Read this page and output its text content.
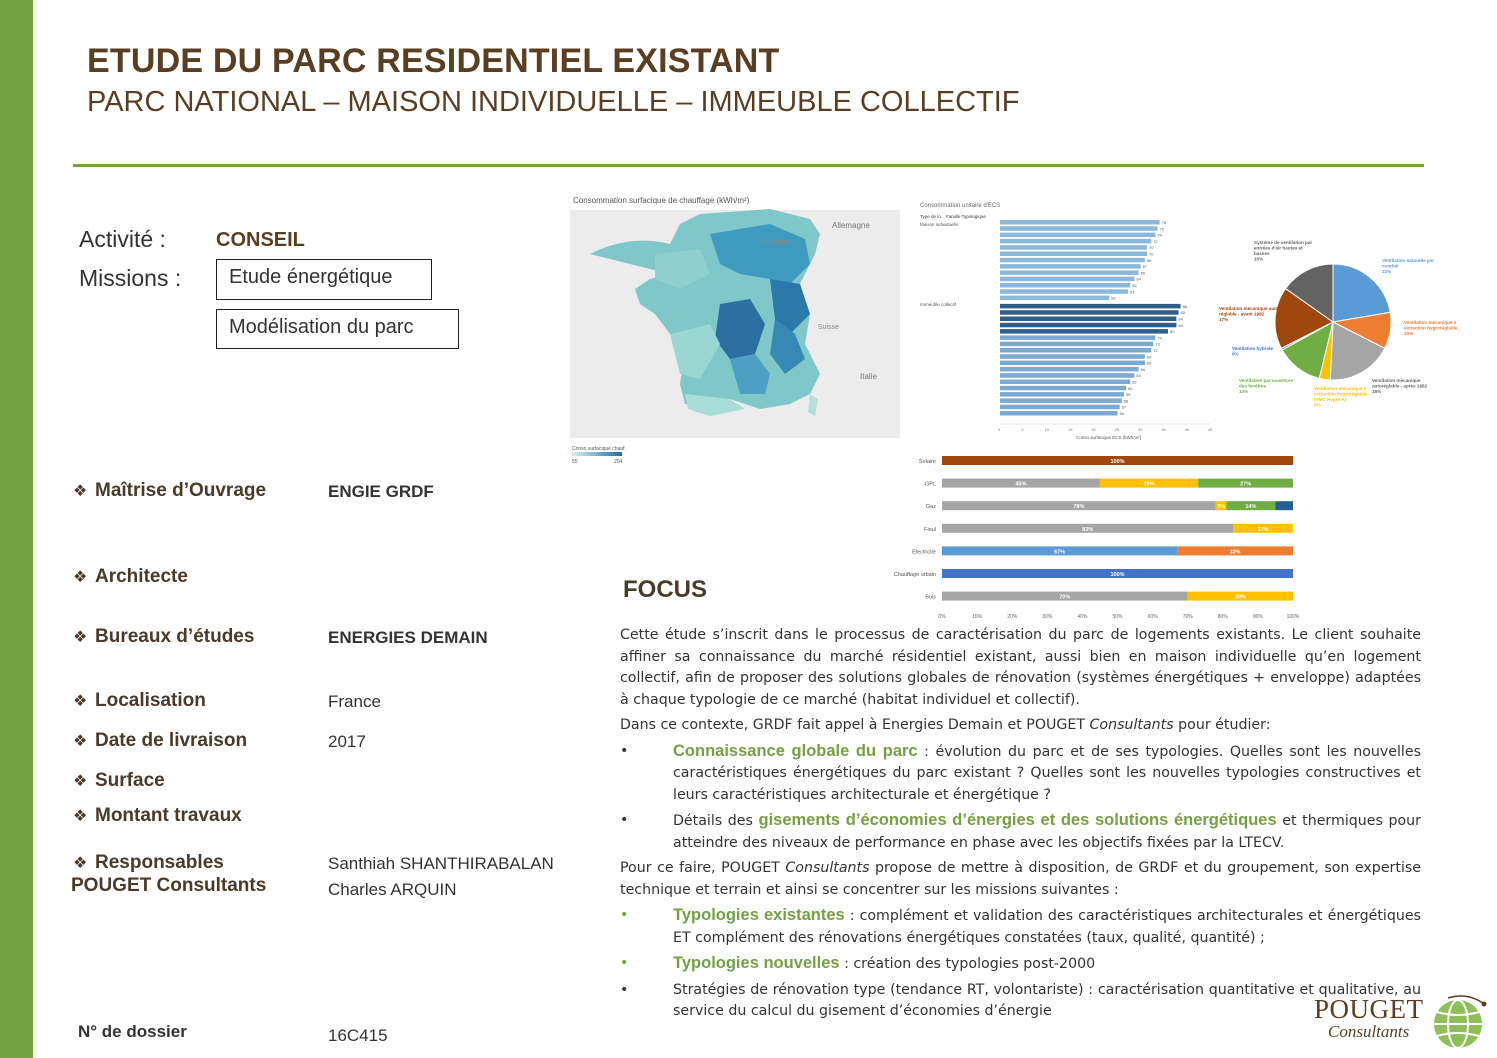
ETUDE DU PARC RESIDENTIEL EXISTANT
PARC NATIONAL – MAISON INDIVIDUELLE – IMMEUBLE COLLECTIF
Activité :	CONSEIL
Missions :	Etude énergétique
Modélisation du parc
❖ Maîtrise d’Ouvrage	ENGIE GRDF
❖ Architecte
❖ Bureaux d’études	ENERGIES DEMAIN
❖ Localisation	France
❖ Date de livraison	2017
❖ Surface
❖ Montant travaux
❖ Responsables
POUGET Consultants
Santhiah SHANTHIRABALAN
Charles ARQUIN
Consommation surfacique de chauffage (kWh/m²)
Allemagne
Belgique
Suisse
Italie
Conso surfacique chauf.
55	204
Consommation unitaire d'ECS
Type de lo.. Famille Typologique
Maison individuelle
Immeuble collectif
76
75
74
72
70
70
69
67
66
64
62
61
52
86
85
84
84
80
74
73
72
69
69
66
64
62
60
59
58
57
56
0	5	10	15	20	25	30	35	40	45
Conso surfacique ECS (kWh/m²)
Ventilation naturelle par conduit 22%
Ventilation mécanique à extraction hygroréglable 10%
Ventilation mécanique autoréglable - après 1982 18%
Ventilation mécanique à extraction hygroréglable (VMC Hygro A) 3%
Ventilation par ouverture des fenêtres 13%
Ventilation hybride 0%
Ventilation mécanique auto réglable - avant 1982 17%
Système de ventilation par entrées d'air hautes et basses 15%
Solaire	100%
GPL	45%	28%	27%
Gaz	78%	3%	14%
Fioul	83%	17%
Electricité	67%	33%
Chauffage urbain	100%
Bois	70%	30%
0%	10%	20%	30%	40%	50%	60%	70%	80%	90%	100%
FOCUS

Cette étude s’inscrit dans le processus de caractérisation du parc de logements existants. Le client souhaite affiner sa connaissance du marché résidentiel existant, aussi bien en maison individuelle qu’en logement collectif, afin de proposer des solutions globales de rénovation (systèmes énergétiques + enveloppe) adaptées à chaque typologie de ce marché (habitat individuel et collectif).

Dans ce contexte, GRDF fait appel à Energies Demain et POUGET Consultants pour étudier:

•	Connaissance globale du parc : évolution du parc et de ses typologies. Quelles sont les nouvelles caractéristiques énergétiques du parc existant ? Quelles sont les nouvelles typologies constructives et leurs caractéristiques architecturale et énergétique ?
•	Détails des gisements d’économies d’énergies et des solutions énergétiques et thermiques pour atteindre des niveaux de performance en phase avec les objectifs fixées par la LTECV.

Pour ce faire, POUGET Consultants propose de mettre à disposition, de GRDF et du groupement, son expertise technique et terrain et ainsi se concentrer sur les missions suivantes :

•	Typologies existantes : complément et validation des caractéristiques architecturales et énergétiques ET complément des rénovations énergétiques constatées (taux, qualité, quantité) ;
•	Typologies nouvelles : création des typologies post-2000
•	Stratégies de rénovation type (tendance RT, volontariste) : caractérisation quantitative et qualitative, au service du calcul du gisement d’économies d’énergie
N° de dossier	16C415
POUGET
Consultants
